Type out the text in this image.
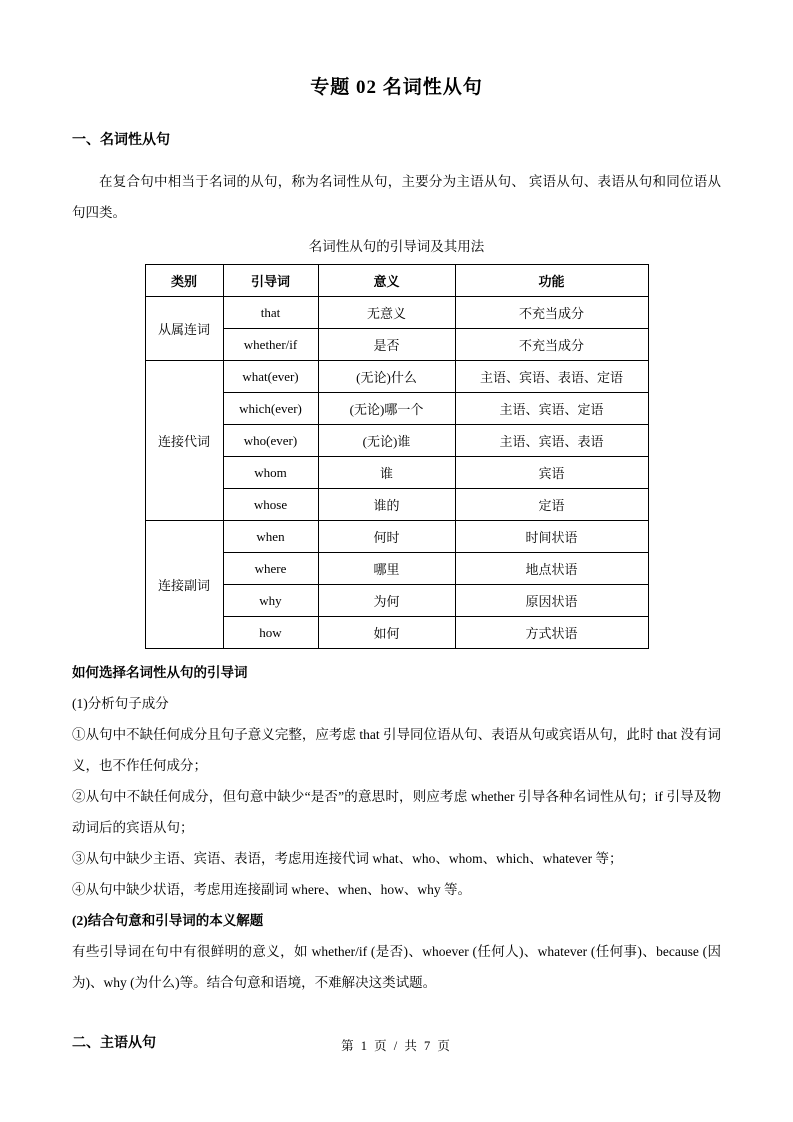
专题 02 名词性从句
一、名词性从句

在复合句中相当于名词的从句，称为名词性从句，主要分为主语从句、 宾语从句、表语从句和同位语从句四类。

名词性从句的引导词及其用法

类别	引导词	意义	功能
从属连词	that	无意义	不充当成分
	whether/if	是否	不充当成分
连接代词	what(ever)	(无论)什么	主语、宾语、表语、定语
	which(ever)	(无论)哪一个	主语、宾语、定语
	who(ever)	(无论)谁	主语、宾语、表语
	whom	谁	宾语
	whose	谁的	定语
连接副词	when	何时	时间状语
	where	哪里	地点状语
	why	为何	原因状语
	how	如何	方式状语

如何选择名词性从句的引导词

(1)分析句子成分

①从句中不缺任何成分且句子意义完整，应考虑 that 引导同位语从句、表语从句或宾语从句，此时 that 没有词义，也不作任何成分；

②从句中不缺任何成分，但句意中缺少“是否”的意思时，则应考虑 whether 引导各种名词性从句；if 引导及物动词后的宾语从句；

③从句中缺少主语、宾语、表语，考虑用连接代词 what、who、whom、which、whatever 等；

④从句中缺少状语，考虑用连接副词 where、when、how、why 等。

(2)结合句意和引导词的本义解题

有些引导词在句中有很鲜明的意义，如 whether/if (是否)、whoever (任何人)、whatever (任何事)、because (因为)、why (为什么)等。结合句意和语境，不难解决这类试题。

二、主语从句	第 1 页 / 共 7 页
